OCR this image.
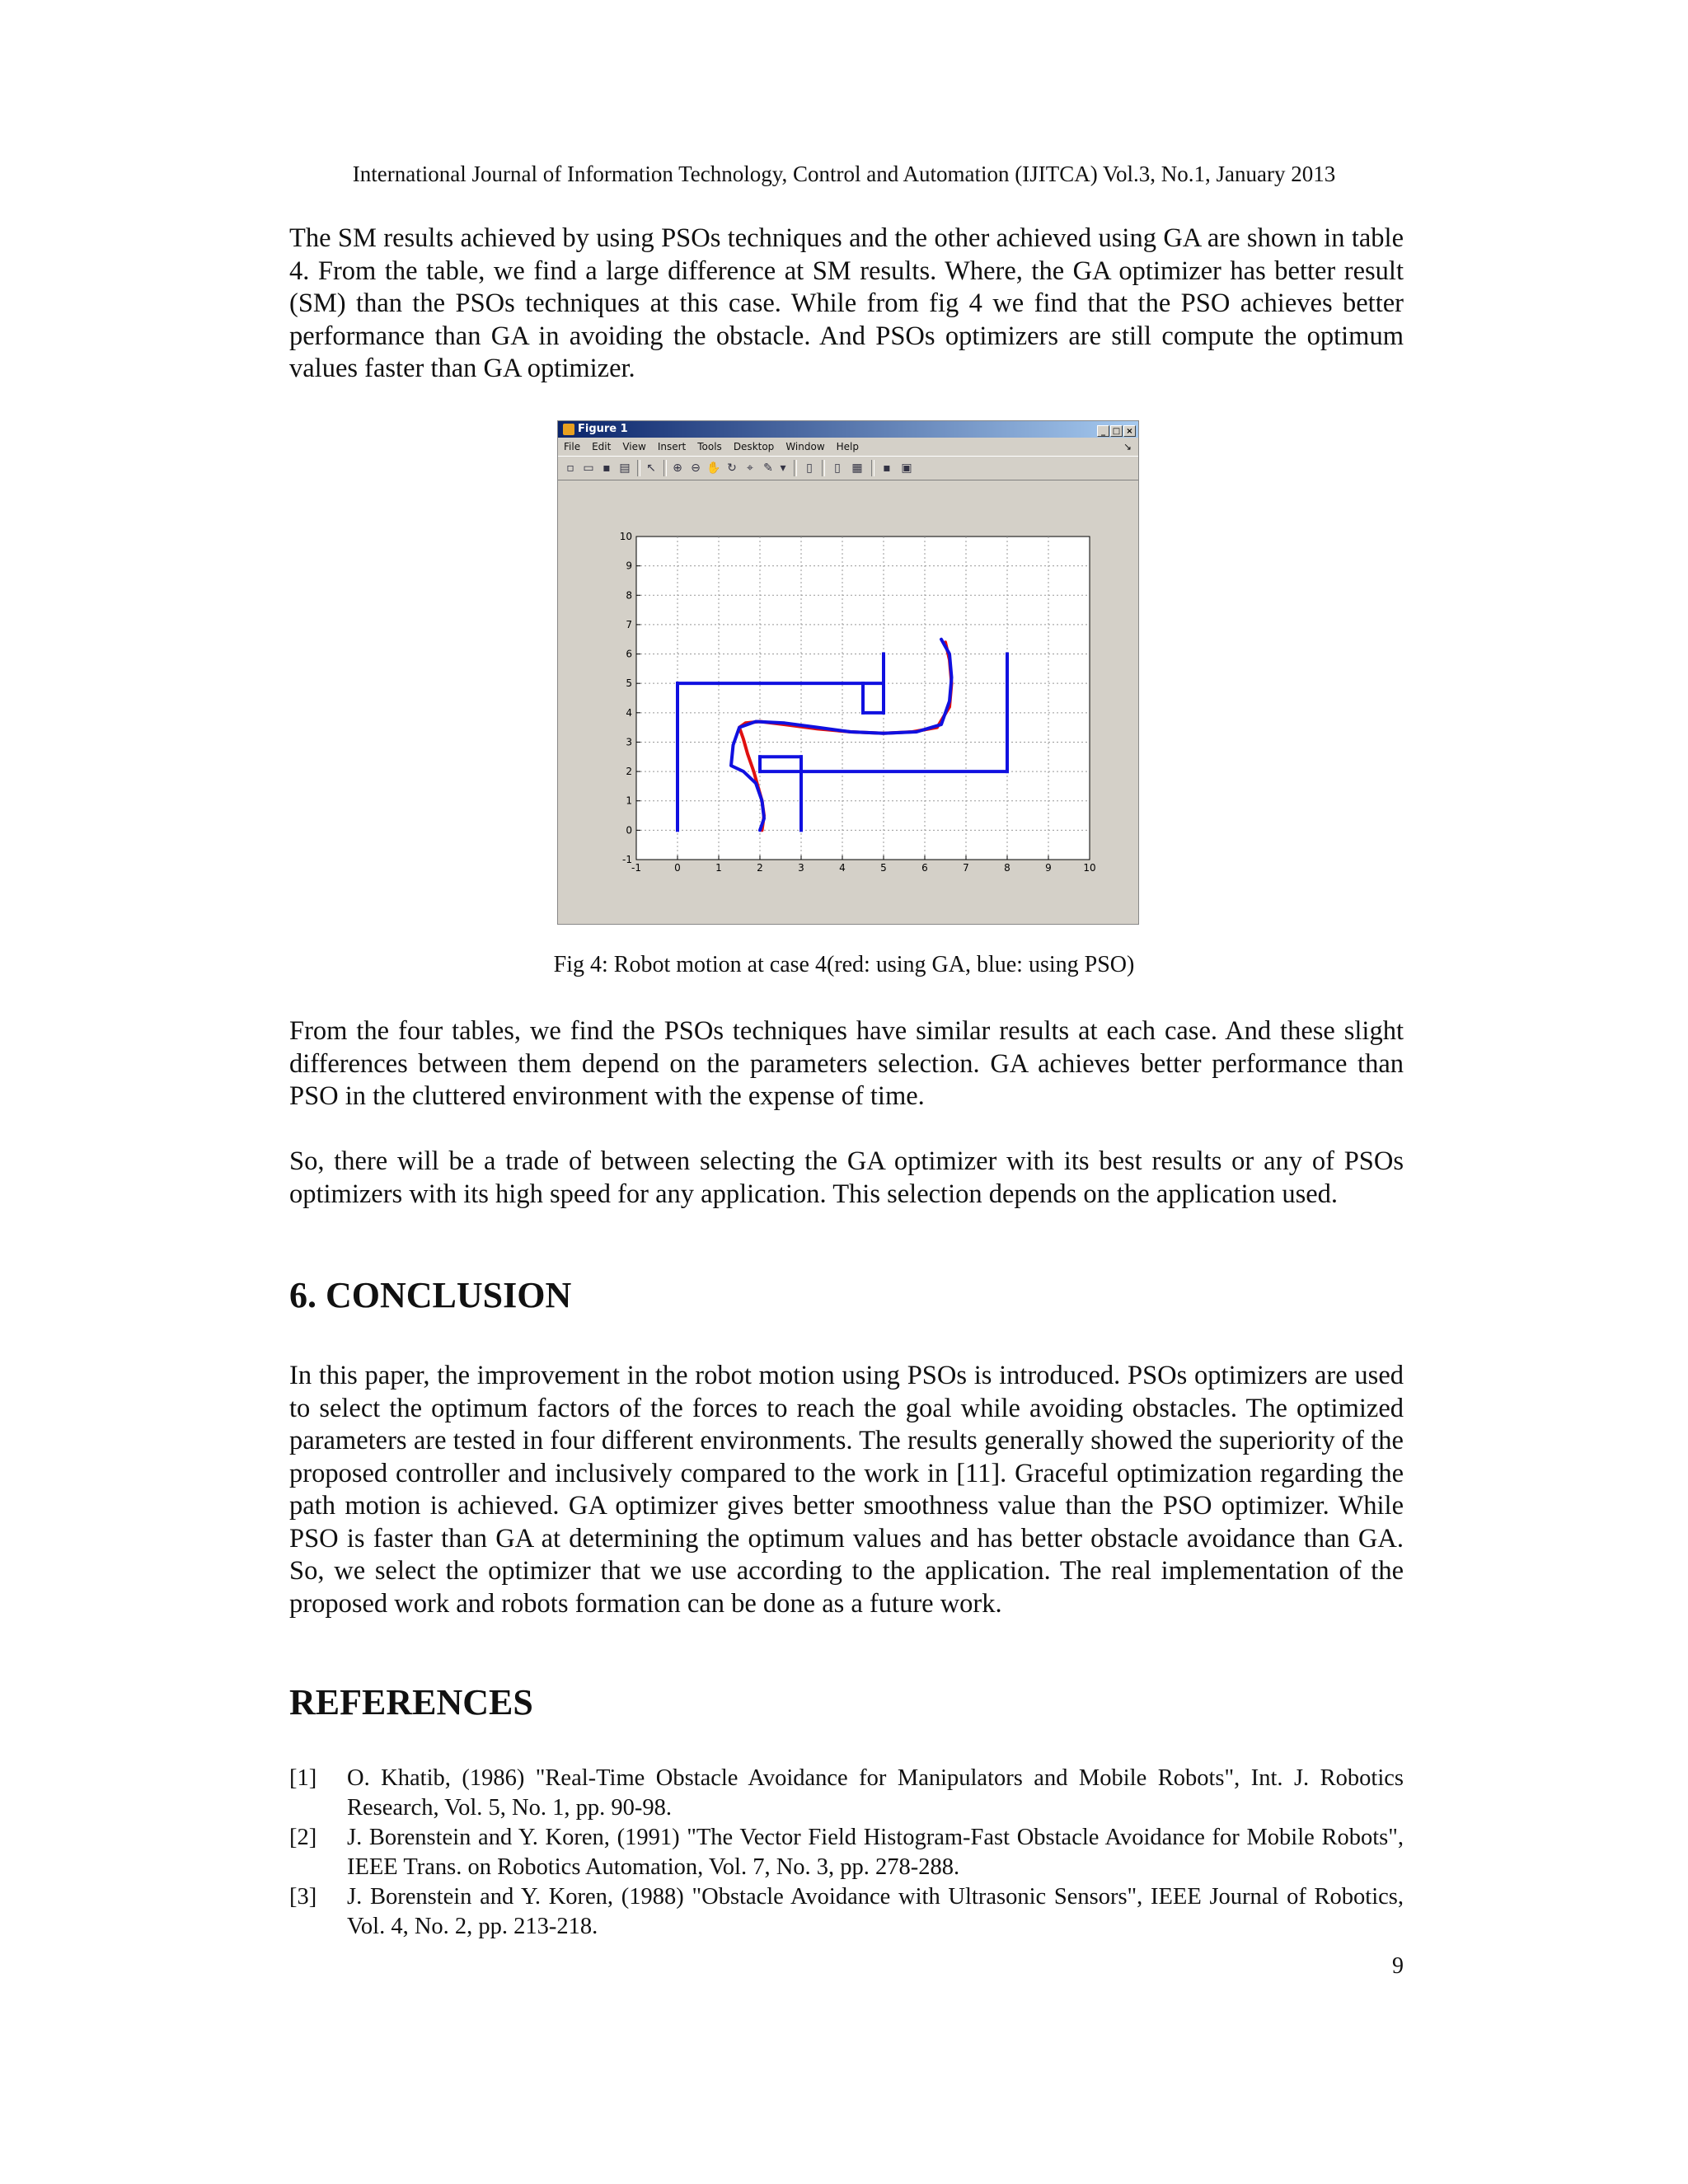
International Journal of Information Technology, Control and Automation (IJITCA) Vol.3, No.1, January 2013
The SM results achieved by using PSOs techniques and the other achieved using GA are shown in table 4. From the table, we find a large difference at SM results. Where, the GA optimizer has better result (SM) than the PSOs techniques at this case. While from fig 4 we find that the PSO achieves better performance than GA in avoiding the obstacle. And PSOs optimizers are still compute the optimum values faster than GA optimizer.
Figure 1	_ □ ×
File Edit View Insert Tools Desktop Window Help	↘
▫ ▭ ▪ ▤ ↖ ⊕ ⊖ ✋ ↻ ⌖ ✎ ▾	▯	▯ ▦	▪ ▣
-1	0	1	2	3	4	5	6	7	8	9	10
-1
0
1
2
3
4
5
6
7
8
9
10
Fig 4: Robot motion at case 4(red: using GA, blue: using PSO)
From the four tables, we find the PSOs techniques have similar results at each case. And these slight differences between them depend on the parameters selection. GA achieves better performance than PSO in the cluttered environment with the expense of time.
So, there will be a trade of between selecting the GA optimizer with its best results or any of PSOs optimizers with its high speed for any application. This selection depends on the application used.
6. CONCLUSION
In this paper, the improvement in the robot motion using PSOs is introduced. PSOs optimizers are used to select the optimum factors of the forces to reach the goal while avoiding obstacles. The optimized parameters are tested in four different environments. The results generally showed the superiority of the proposed controller and inclusively compared to the work in [11]. Graceful optimization regarding the path motion is achieved. GA optimizer gives better smoothness value than the PSO optimizer. While PSO is faster than GA at determining the optimum values and has better obstacle avoidance than GA. So, we select the optimizer that we use according to the application. The real implementation of the proposed work and robots formation can be done as a future work.
REFERENCES
[1] O. Khatib, (1986) "Real-Time Obstacle Avoidance for Manipulators and Mobile Robots", Int. J. Robotics Research, Vol. 5, No. 1, pp. 90-98.
[2] J. Borenstein and Y. Koren, (1991) "The Vector Field Histogram-Fast Obstacle Avoidance for Mobile Robots", IEEE Trans. on Robotics Automation, Vol. 7, No. 3, pp. 278-288.
[3] J. Borenstein and Y. Koren, (1988) "Obstacle Avoidance with Ultrasonic Sensors", IEEE Journal of Robotics, Vol. 4, No. 2, pp. 213-218.
9
